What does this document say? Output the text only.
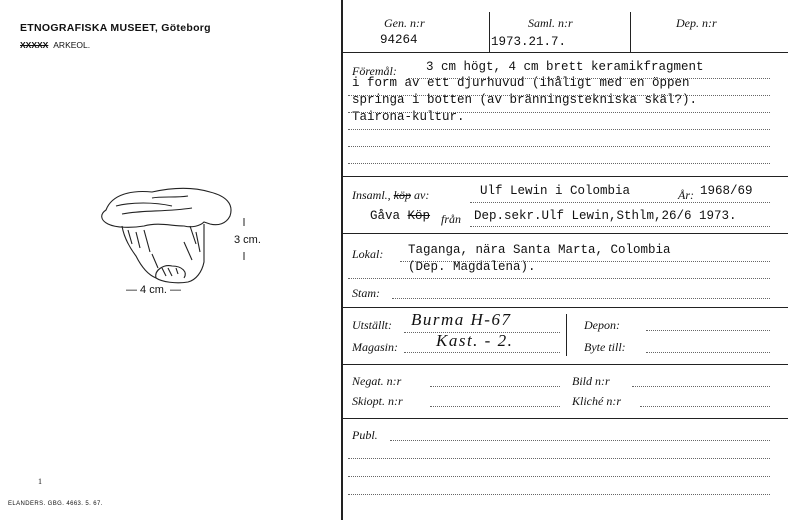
ETNOGRAFISKA MUSEET, Göteborg
XXXXX ARKEOL.
3 cm.
— 4 cm. —
1
ELANDERS. GBG. 4663. 5. 67.
Gen. n:r	Saml. n:r	Dep. n:r
94264	1973.21.7.
Föremål: 3 cm högt, 4 cm brett keramikfragment
i form av ett djurhuvud (ihåligt med en öppen
springa i botten (av bränningstekniska skäl?).
Tairona-kultur.
Insaml., köp av:	Ulf Lewin i Colombia	År: 1968/69
Gåva Köp från Dep.sekr.Ulf Lewin,Sthlm,26/6 1973.
Lokal: Taganga, nära Santa Marta, Colombia
(Dep. Magdalena).
Stam:
Utställt: Burma H-67
Magasin: Kast. - 2.
Depon:
Byte till:
Negat. n:r
Skiopt. n:r
Bild n:r
Kliché n:r
Publ.
